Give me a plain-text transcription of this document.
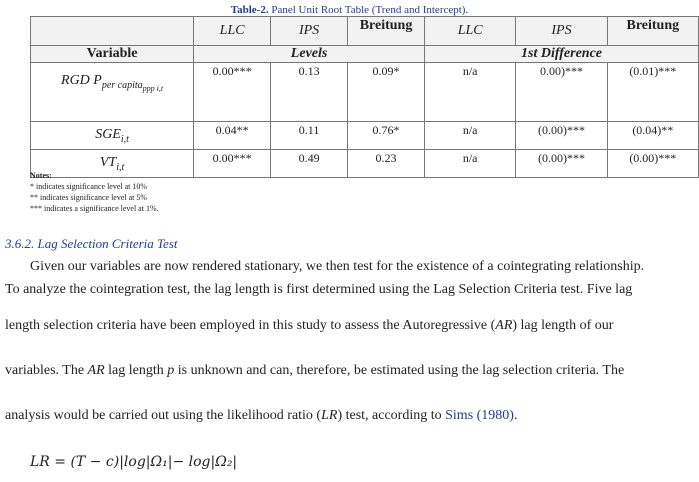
Table-2. Panel Unit Root Table (Trend and Intercept).
	LLC	IPS	Breitung	LLC	IPS	Breitung
Variable	Levels			1st Difference		
RGD $P_{per capita_{ppp i,t}}$	0.00***	0.13	0.09*	n/a	0.00)***	(0.01)***
$SGE_{i,t}$	0.04**	0.11	0.76*	n/a	(0.00)***	(0.04)**
$VT_{i,t}$	0.00***	0.49	0.23	n/a	(0.00)***	(0.00)***
Notes:
* indicates significance level at 10%
** indicates significance level at 5%
*** indicates a significance level at 1%.
3.6.2. Lag Selection Criteria Test
Given our variables are now rendered stationary, we then test for the existence of a cointegrating relationship.
To analyze the cointegration test, the lag length is first determined using the Lag Selection Criteria test. Five lag
length selection criteria have been employed in this study to assess the Autoregressive (AR) lag length of our
variables. The AR lag length p is unknown and can, therefore, be estimated using the lag selection criteria. The
analysis would be carried out using the likelihood ratio (LR) test, according to Sims (1980).
LR = (T − c)|log|Ω₁|− log|Ω₂|
